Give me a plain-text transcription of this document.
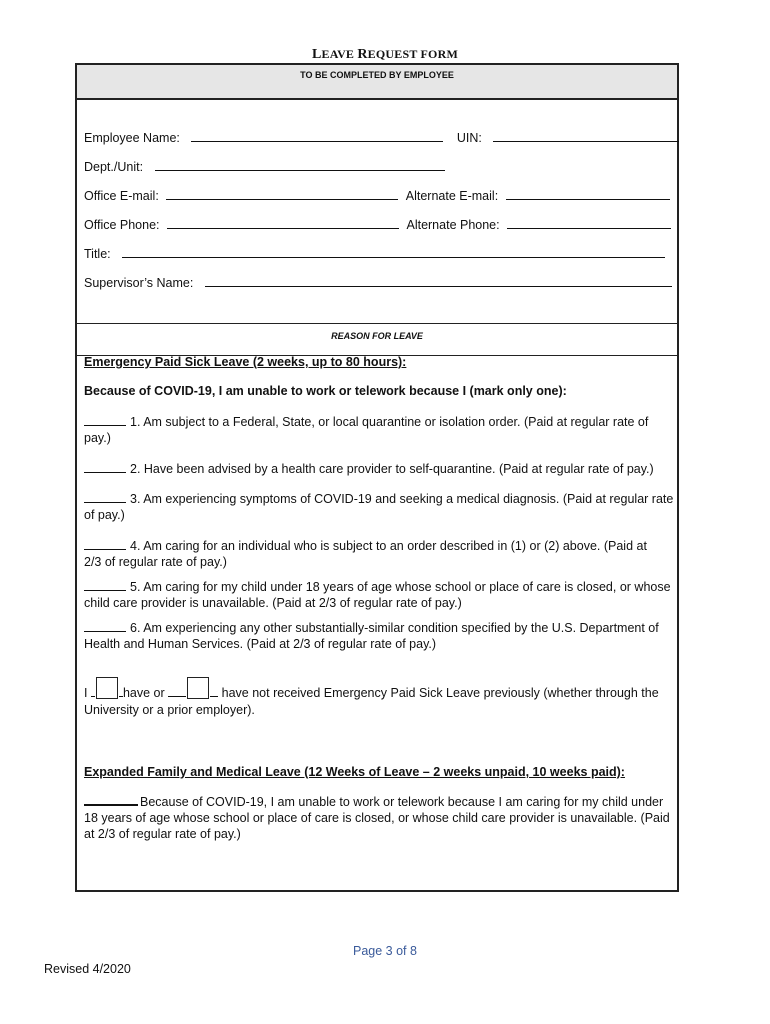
LEAVE REQUEST FORM
TO BE COMPLETED BY EMPLOYEE
Employee Name:	UIN:
Dept./Unit:
Office E-mail:	Alternate E-mail:
Office Phone:	Alternate Phone:
Title:
Supervisor’s Name:
REASON FOR LEAVE
Emergency Paid Sick Leave (2 weeks, up to 80 hours):
Because of COVID-19, I am unable to work or telework because I (mark only one):
1. Am subject to a Federal, State, or local quarantine or isolation order. (Paid at regular rate of
pay.)
2. Have been advised by a health care provider to self-quarantine. (Paid at regular rate of pay.)
3. Am experiencing symptoms of COVID-19 and seeking a medical diagnosis. (Paid at regular rate
of pay.)
4. Am caring for an individual who is subject to an order described in (1) or (2) above. (Paid at
2/3 of regular rate of pay.)
5. Am caring for my child under 18 years of age whose school or place of care is closed, or whose
child care provider is unavailable. (Paid at 2/3 of regular rate of pay.)
6. Am experiencing any other substantially-similar condition specified by the U.S. Department of
Health and Human Services. (Paid at 2/3 of regular rate of pay.)
I	have or	have not received Emergency Paid Sick Leave previously (whether through the
University or a prior employer).
Expanded Family and Medical Leave (12 Weeks of Leave – 2 weeks unpaid, 10 weeks paid):
Because of COVID-19, I am unable to work or telework because I am caring for my child under
18 years of age whose school or place of care is closed, or whose child care provider is unavailable. (Paid
at 2/3 of regular rate of pay.)
Page 3 of 8
Revised 4/2020
